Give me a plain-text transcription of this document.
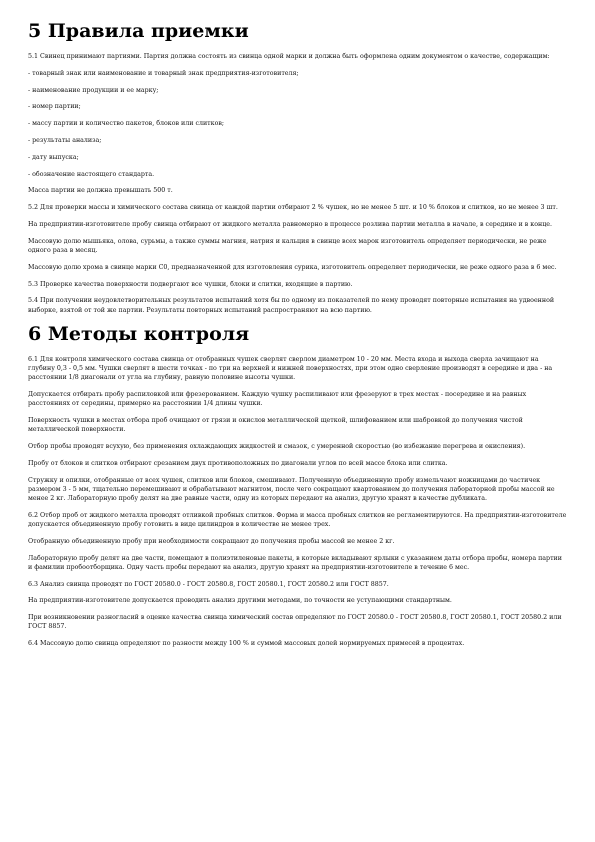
5 Правила приемки

5.1 Свинец принимают партиями. Партия должна состоять из свинца одной марки и должна быть оформлена одним документом о качестве, содержащим:

- товарный знак или наименование и товарный знак предприятия-изготовителя;

- наименование продукции и ее марку;

- номер партии;

- массу партии и количество пакетов, блоков или слитков;

- результаты анализа;

- дату выпуска;

- обозначение настоящего стандарта.

Масса партии не должна превышать 500 т.

5.2 Для проверки массы и химического состава свинца от каждой партии отбирают 2 % чушек, но не менее 5 шт. и 10 % блоков и слитков, но не менее 3 шт.

На предприятии-изготовителе пробу свинца отбирают от жидкого металла равномерно в процессе розлива партии металла в начале, в середине и в конце.

Массовую долю мышьяка, олова, сурьмы, а также суммы магния, натрия и кальция в свинце всех марок изготовитель определяет периодически, не реже одного раза в месяц.

Массовую долю хрома в свинце марки С0, предназначенной для изготовления сурика, изготовитель определяет периодически, не реже одного раза в 6 мес.

5.3 Проверке качества поверхности подвергают все чушки, блоки и слитки, входящие в партию.

5.4 При получении неудовлетворительных результатов испытаний хотя бы по одному из показателей по нему проводят повторные испытания на удвоенной выборке, взятой от той же партии. Результаты повторных испытаний распространяют на всю партию.

6 Методы контроля

6.1 Для контроля химического состава свинца от отобранных чушек сверлят сверлом диаметром 10 - 20 мм. Места входа и выхода сверла зачищают на глубину 0,3 - 0,5 мм. Чушки сверлят в шести точках - по три на верхней и нижней поверхностях, при этом одно сверление производят в середине и два - на расстоянии 1/8 диагонали от угла на глубину, равную половине высоты чушки.

Допускается отбирать пробу распиловкой или фрезерованием. Каждую чушку распиливают или фрезеруют в трех местах - посередине и на равных расстояниях от середины, примерно на расстоянии 1/4 длины чушки.

Поверхность чушки в местах отбора проб очищают от грязи и окислов металлической щеткой, шлифованием или шабровкой до получения чистой металлической поверхности.

Отбор пробы проводят всухую, без применения охлаждающих жидкостей и смазок, с умеренной скоростью (во избежание перегрева и окисления).

Пробу от блоков и слитков отбирают срезанием двух противоположных по диагонали углов по всей массе блока или слитка.

Стружку и опилки, отобранные от всех чушек, слитков или блоков, смешивают. Полученную объединенную пробу измельчают ножницами до частичек размером 3 - 5 мм, тщательно перемешивают и обрабатывают магнитом, после чего сокращают квартованием до получения лабораторной пробы массой не менее 2 кг. Лабораторную пробу делят на две равные части, одну из которых передают на анализ, другую хранят в качестве дубликата.

6.2 Отбор проб от жидкого металла проводят отливкой пробных слитков. Форма и масса пробных слитков не регламентируются. На предприятии-изготовителе допускается объединенную пробу готовить в виде цилиндров в количестве не менее трех.

Отобранную объединенную пробу при необходимости сокращают до получения пробы массой не менее 2 кг.

Лабораторную пробу делят на две части, помещают в полиэтиленовые пакеты, в которые вкладывают ярлыки с указанием даты отбора пробы, номера партии и фамилии пробоотборщика. Одну часть пробы передают на анализ, другую хранят на предприятии-изготовителе в течение 6 мес.

6.3 Анализ свинца проводят по ГОСТ 20580.0 - ГОСТ 20580.8, ГОСТ 20580.1, ГОСТ 20580.2 или ГОСТ 8857.

На предприятии-изготовителе допускается проводить анализ другими методами, по точности не уступающими стандартным.

При возникновении разногласий в оценке качества свинца химический состав определяют по ГОСТ 20580.0 - ГОСТ 20580.8, ГОСТ 20580.1, ГОСТ 20580.2 или ГОСТ 8857.

6.4 Массовую долю свинца определяют по разности между 100 % и суммой массовых долей нормируемых примесей в процентах.
